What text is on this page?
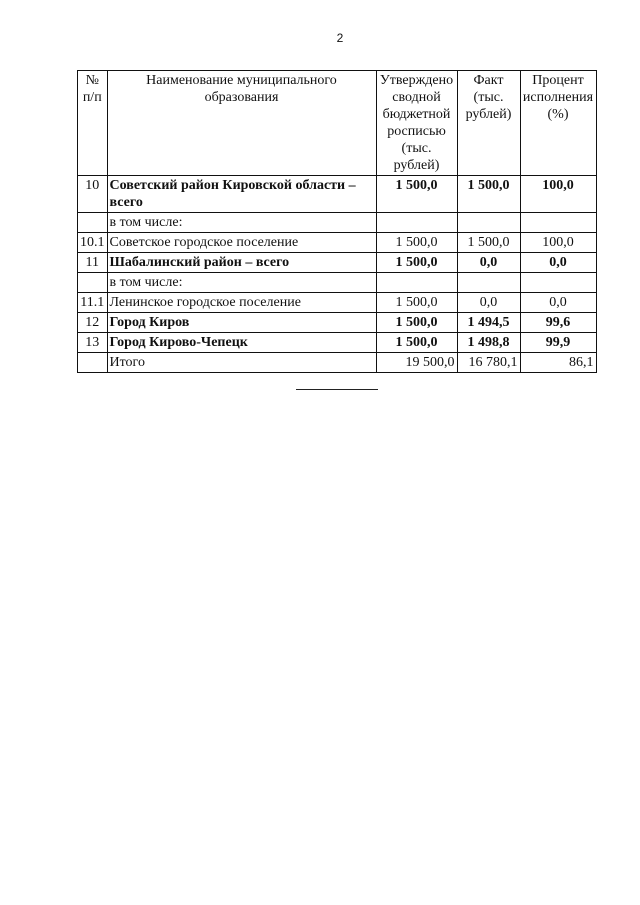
2
№ п/п	Наименование муниципального образования	Утверждено сводной бюджетной росписью (тыс. рублей)	Факт (тыс. рублей)	Процент исполнения (%)
10	Советский район Кировской области – всего	1 500,0	1 500,0	100,0
	в том числе:			
10.1	Советское городское поселение	1 500,0	1 500,0	100,0
11	Шабалинский район – всего	1 500,0	0,0	0,0
	в том числе:			
11.1	Ленинское городское поселение	1 500,0	0,0	0,0
12	Город Киров	1 500,0	1 494,5	99,6
13	Город Кирово-Чепецк	1 500,0	1 498,8	99,9
	Итого	19 500,0	16 780,1	86,1
